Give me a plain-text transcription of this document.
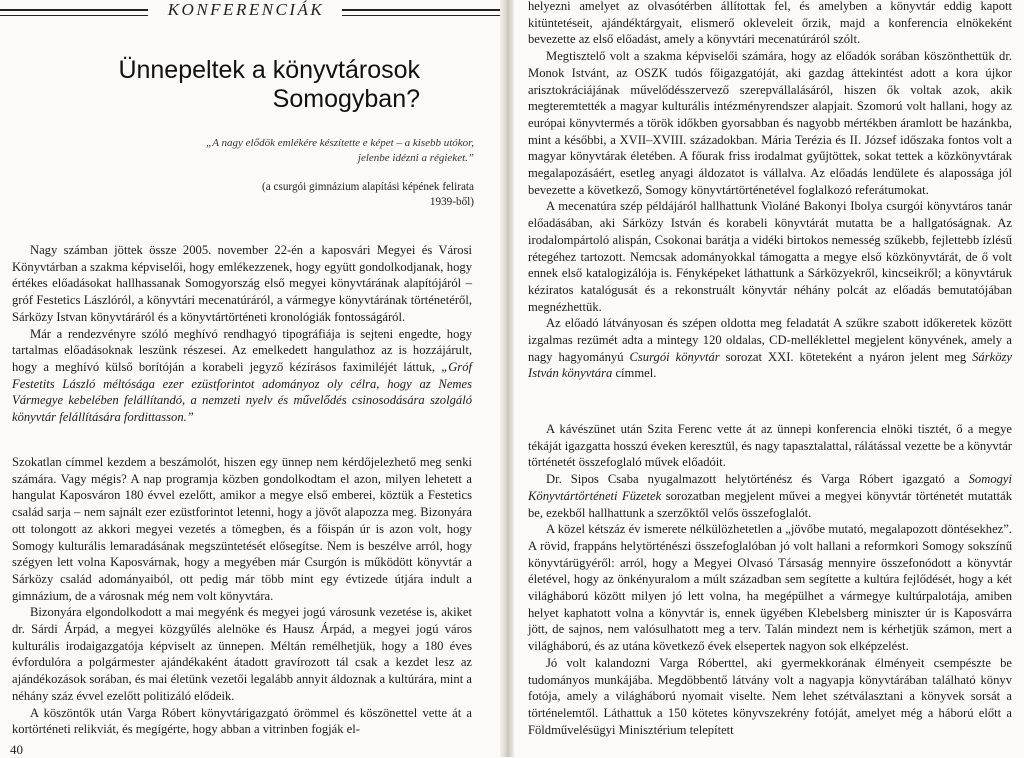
KONFERENCIÁK
Ünnepeltek a könyvtárosok
Somogyban?
„A nagy elődök emlékére készítette e képet – a kisebb utókor, jelenbe idézni a régieket.”
(a csurgói gimnázium alapítási képének felirata 1939-ből)

Nagy számban jöttek össze 2005. november 22-én a kaposvári Megyei és Városi Könyvtárban a szakma képviselői, hogy emlékezzenek, hogy együtt gondolkodjanak, hogy értékes előadásokat hallhassanak Somogyország első megyei könyvtárának alapítójáról – gróf Festetics Lászlóról, a könyvtári mecenatúráról, a vármegye könyvtárának történetéről, Sárközy Istvan könyvtáráról és a könyvtártörténeti kronológiák fontosságáról.

Már a rendezvényre szóló meghívó rendhagyó tipográfiája is sejteni engedte, hogy tartalmas előadásoknak leszünk részesei. Az emelkedett hangulathoz az is hozzájárult, hogy a meghívó külső borítóján a korabeli jegyző kézírásos faximiléjét láttuk, „Gróf Festetits László méltósága ezer ezüstforintot adományoz oly célra, hogy az Nemes Vármegye kebelében felállítandó, a nemzeti nyelv és művelődés csinosodására szolgáló könyvtár felállítására fordittasson.”

Szokatlan címmel kezdem a beszámolót, hiszen egy ünnep nem kérdőjelezhető meg senki számára. Vagy mégis? A nap programja közben gondolkodtam el azon, milyen lehetett a hangulat Kaposváron 180 évvel ezelőtt, amikor a megye első emberei, köztük a Festetics család sarja – nem sajnált ezer ezüstforintot letenni, hogy a jövőt alapozza meg. Bizonyára ott tolongott az akkori megyei vezetés a tömegben, és a főispán úr is azon volt, hogy Somogy kulturális lemaradásának megszüntetését elősegítse. Nem is beszélve arról, hogy szégyen lett volna Kaposvárnak, hogy a megyében már Csurgón is működött könyvtár a Sárközy család adományaiból, ott pedig már több mint egy évtizede útjára indult a gimnázium, de a városnak még nem volt könyvtára.

Bizonyára elgondolkodott a mai megyénk és megyei jogú városunk vezetése is, akiket dr. Sárdi Árpád, a megyei közgyűlés alelnöke és Hausz Árpád, a megyei jogú város kulturális irodaigazgatója képviselt az ünnepen. Méltán remélhetjük, hogy a 180 éves évfordulóra a polgármester ajándékaként átadott gravírozott tál csak a kezdet lesz az ajándékozások sorában, és mai életünk vezetői legalább annyit áldoznak a kultúrára, mint a néhány száz évvel ezelőtt politizáló elődeik.

A köszöntők után Varga Róbert könyvtárigazgató örömmel és köszönettel vette át a kortörténeti relikviát, és megígérte, hogy abban a vitrinben fogják el-

40

helyezni amelyet az olvasótérben állítottak fel, és amelyben a könyvtár eddig kapott kitüntetéseit, ajándéktárgyait, elismerő okleveleit őrzik, majd a konferencia elnökeként bevezette az első előadást, amely a könyvtári mecenatúráról szólt.

Megtisztelő volt a szakma képviselői számára, hogy az előadók sorában köszönthettük dr. Monok Istvánt, az OSZK tudós főigazgatóját, aki gazdag áttekintést adott a kora újkor arisztokráciájának művelődésszervező szerepvállalásáról, hiszen ők voltak azok, akik megteremtették a magyar kulturális intézményrendszer alapjait. Szomorú volt hallani, hogy az európai könyvtermés a török időkben gyorsabban és nagyobb mértékben áramlott be hazánkba, mint a későbbi, a XVII–XVIII. századokban. Mária Terézia és II. József időszaka fontos volt a magyar könyvtárak életében. A főurak friss irodalmat gyűjtöttek, sokat tettek a közkönyvtárak megalapozásáért, esetleg anyagi áldozatot is vállalva. Az előadás lendülete és alapossága jól bevezette a következő, Somogy könyvtártörténetével foglalkozó referátumokat.

A mecenatúra szép példájáról hallhattunk Violáné Bakonyi Ibolya csurgói könyvtáros tanár előadásában, aki Sárközy István és korabeli könyvtárát mutatta be a hallgatóságnak. Az irodalompártoló alispán, Csokonai barátja a vidéki birtokos nemesség szűkebb, fejlettebb ízlésű rétegéhez tartozott. Nemcsak adományokkal támogatta a megye első közkönyvtárát, de ő volt ennek első katalogizálója is. Fényképeket láthattunk a Sárközyekről, kincseikről; a könyvtáruk kéziratos katalógusát és a rekonstruált könyvtár néhány polcát az előadás bemutatójában megnézhettük.

Az előadó látványosan és szépen oldotta meg feladatát A szűkre szabott időkeretek között izgalmas rezümét adta a mintegy 120 oldalas, CD-melléklettel megjelent könyvének, amely a nagy hagyományú Csurgói könyvtár sorozat XXI. köteteként a nyáron jelent meg Sárközy István könyvtára címmel.

A kávészünet után Szita Ferenc vette át az ünnepi konferencia elnöki tisztét, ő a megye tékáját igazgatta hosszú éveken keresztül, és nagy tapasztalattal, rálátással vezette be a könyvtár történetét összefoglaló művek előadóit.

Dr. Sipos Csaba nyugalmazott helytörténész és Varga Róbert igazgató a Somogyi Könyvtártörténeti Füzetek sorozatban megjelent művei a megyei könyvtár történetét mutatták be, ezekből hallhattunk a szerzőktől velős összefoglalót.

A közel kétszáz év ismerete nélkülözhetetlen a „jövőbe mutató, megalapozott döntésekhez”. A rövid, frappáns helytörténészi összefoglalóban jó volt hallani a reformkori Somogy sokszínű könyvtárügyéről: arról, hogy a Megyei Olvasó Társaság mennyire összefonódott a könyvtár életével, hogy az önkényuralom a múlt században sem segítette a kultúra fejlődését, hogy a két világháború között milyen jó lett volna, ha megépülhet a vármegye kultúrpalotája, amiben helyet kaphatott volna a könyvtár is, ennek ügyében Klebelsberg miniszter úr is Kaposvárra jött, de sajnos, nem valósulhatott meg a terv. Talán mindezt nem is kérhetjük számon, mert a világháború, és az utána következő évek elsepertek nagyon sok elképzelést.

Jó volt kalandozni Varga Róberttel, aki gyermekkorának élményeit csempészte be tudományos munkájába. Megdöbbentő látvány volt a nagyapja könyvtárában található könyv fotója, amely a világháború nyomait viselte. Nem lehet szétválasztani a könyvek sorsát a történelemtől. Láthattuk a 150 kötetes könyvszekrény fotóját, amelyet még a háború előtt a Földművelésügyi Minisztérium telepített
